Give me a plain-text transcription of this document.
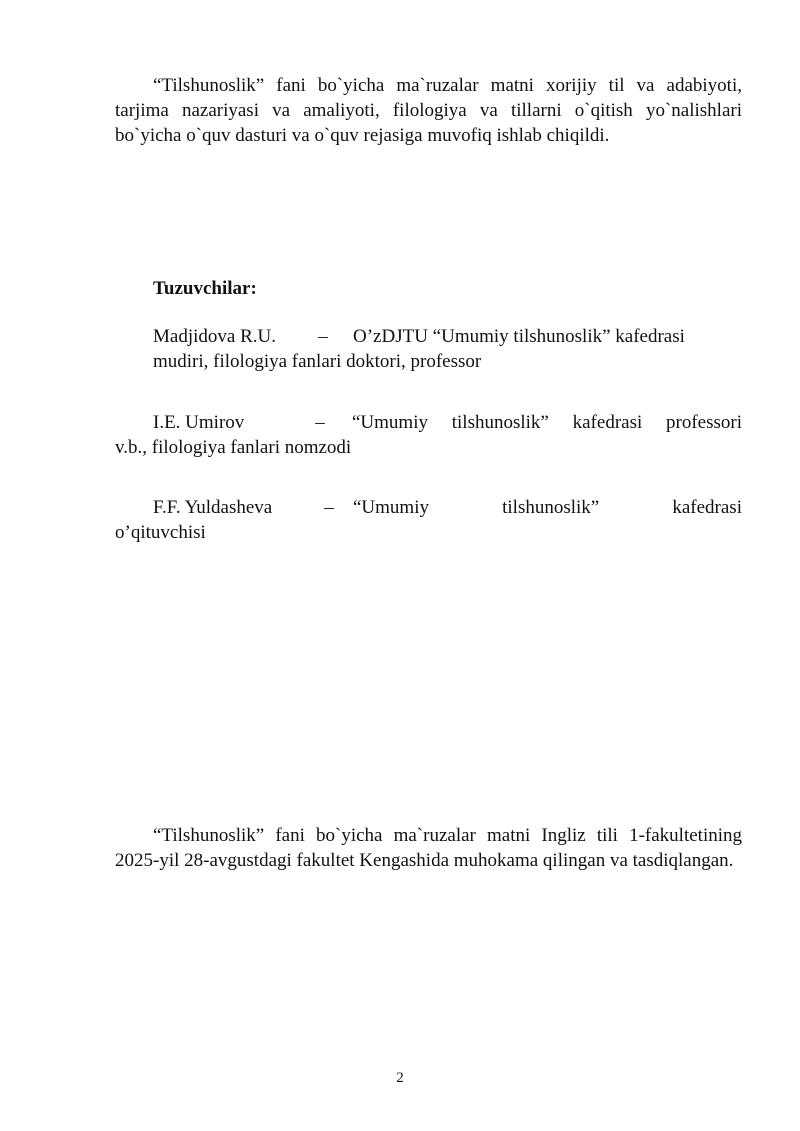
“Tilshunoslik” fani bo`yicha ma`ruzalar matni xorijiy til va adabiyoti, tarjima nazariyasi va amaliyoti, filologiya va tillarni o`qitish yo`nalishlari bo`yicha o`quv dasturi va o`quv rejasiga muvofiq ishlab chiqildi.

Tuzuvchilar:

Madjidova R.U.	–	O’zDJTU “Umumiy tilshunoslik” kafedrasi
mudiri, filologiya fanlari doktori, professor
I.E. Umirov	– “Umumiy tilshunoslik” kafedrasi professori
v.b., filologiya fanlari nomzodi
F.F. Yuldasheva	– “Umumiy	tilshunoslik”	kafedrasi
o’qituvchisi

“Tilshunoslik” fani bo`yicha ma`ruzalar matni Ingliz tili 1-fakultetining 2025-yil 28-avgustdagi fakultet Kengashida muhokama qilingan va tasdiqlangan.

2
